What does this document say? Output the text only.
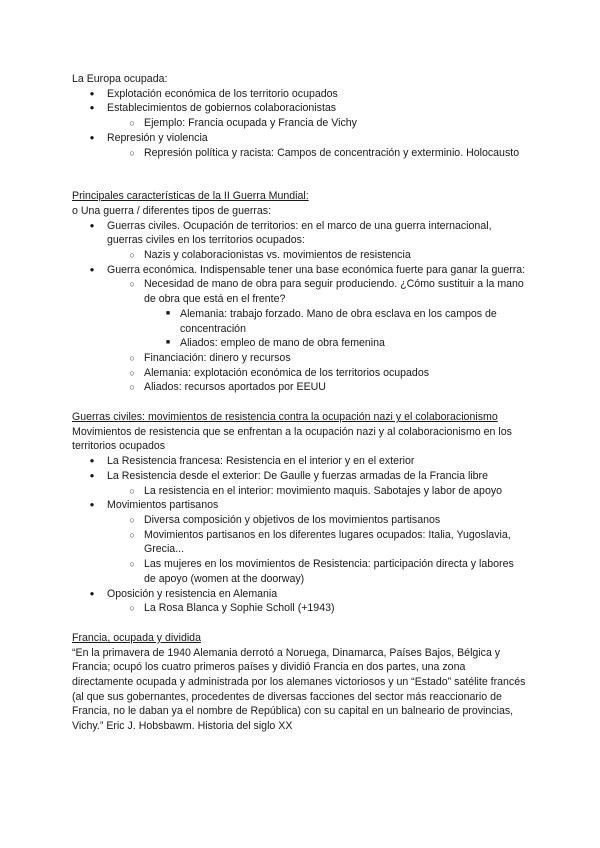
La Europa ocupada:
● Explotación económica de los territorio ocupados
● Establecimientos de gobiernos colaboracionistas
○ Ejemplo: Francia ocupada y Francia de Vichy
● Represión y violencia
○ Represión política y racista: Campos de concentración y exterminio. Holocausto
Principales características de la II Guerra Mundial:
o Una guerra / diferentes tipos de guerras:
● Guerras civiles. Ocupación de territorios: en el marco de una guerra internacional, guerras civiles en los territorios ocupados:
○ Nazis y colaboracionistas vs. movimientos de resistencia
● Guerra económica. Indispensable tener una base económica fuerte para ganar la guerra:
○ Necesidad de mano de obra para seguir produciendo. ¿Cómo sustituir a la mano de obra que está en el frente?
■ Alemania: trabajo forzado. Mano de obra esclava en los campos de concentración
■ Aliados: empleo de mano de obra femenina
○ Financiación: dinero y recursos
○ Alemania: explotación económica de los territorios ocupados
○ Aliados: recursos aportados por EEUU
Guerras civiles: movimientos de resistencia contra la ocupación nazi y el colaboracionismo
Movimientos de resistencia que se enfrentan a la ocupación nazi y al colaboracionismo en los territorios ocupados
● La Resistencia francesa: Resistencia en el interior y en el exterior
● La Resistencia desde el exterior: De Gaulle y fuerzas armadas de la Francia libre
○ La resistencia en el interior: movimiento maquis. Sabotajes y labor de apoyo
● Movimientos partisanos
○ Diversa composición y objetivos de los movimientos partisanos
○ Movimientos partisanos en los diferentes lugares ocupados: Italia, Yugoslavia, Grecia...
○ Las mujeres en los movimientos de Resistencia: participación directa y labores de apoyo (women at the doorway)
● Oposición y resistencia en Alemania
○ La Rosa Blanca y Sophie Scholl (+1943)
Francia, ocupada y dividida
“En la primavera de 1940 Alemania derrotó a Noruega, Dinamarca, Países Bajos, Bélgica y Francia; ocupó los cuatro primeros países y dividió Francia en dos partes, una zona directamente ocupada y administrada por los alemanes victoriosos y un “Estado” satélite francés (al que sus gobernantes, procedentes de diversas facciones del sector más reaccionario de Francia, no le daban ya el nombre de República) con su capital en un balneario de provincias, Vichy.” Eric J. Hobsbawm. Historia del siglo XX
